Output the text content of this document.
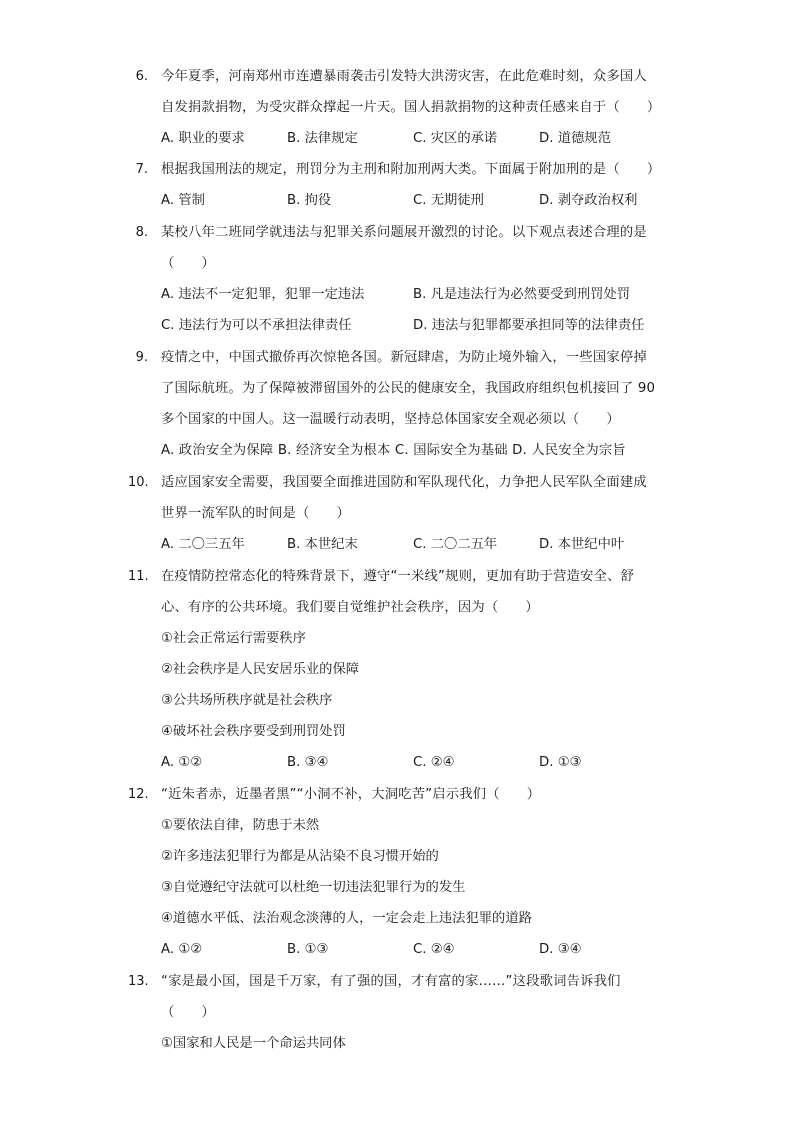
6. 今年夏季，河南郑州市连遭暴雨袭击引发特大洪涝灾害，在此危难时刻，众多国人
自发捐款捐物，为受灾群众撑起一片天。国人捐款捐物的这种责任感来自于（　　）
A. 职业的要求	B. 法律规定	C. 灾区的承诺	D. 道德规范
7. 根据我国刑法的规定，刑罚分为主刑和附加刑两大类。下面属于附加刑的是（　　）
A. 管制	B. 拘役	C. 无期徒刑	D. 剥夺政治权利
8. 某校八年二班同学就违法与犯罪关系问题展开激烈的讨论。以下观点表述合理的是
（　　）
A. 违法不一定犯罪，犯罪一定违法	B. 凡是违法行为必然要受到刑罚处罚
C. 违法行为可以不承担法律责任	D. 违法与犯罪都要承担同等的法律责任
9. 疫情之中，中国式撤侨再次惊艳各国。新冠肆虐，为防止境外输入，一些国家停掉
了国际航班。为了保障被滞留国外的公民的健康安全，我国政府组织包机接回了 90
多个国家的中国人。这一温暖行动表明，坚持总体国家安全观必须以（　　）
A. 政治安全为保障 B. 经济安全为根本 C. 国际安全为基础 D. 人民安全为宗旨
10. 适应国家安全需要，我国要全面推进国防和军队现代化，力争把人民军队全面建成
世界一流军队的时间是（　　）
A. 二〇三五年	B. 本世纪末	C. 二〇二五年	D. 本世纪中叶
11. 在疫情防控常态化的特殊背景下，遵守“一米线”规则，更加有助于营造安全、舒
心、有序的公共环境。我们要自觉维护社会秩序，因为（　　）
①社会正常运行需要秩序
②社会秩序是人民安居乐业的保障
③公共场所秩序就是社会秩序
④破坏社会秩序要受到刑罚处罚
A. ①②	B. ③④	C. ②④	D. ①③
12. “近朱者赤，近墨者黑”“小洞不补，大洞吃苦”启示我们（　　）
①要依法自律，防患于未然
②许多违法犯罪行为都是从沾染不良习惯开始的
③自觉遵纪守法就可以杜绝一切违法犯罪行为的发生
④道德水平低、法治观念淡薄的人，一定会走上违法犯罪的道路
A. ①②	B. ①③	C. ②④	D. ③④
13. “家是最小国，国是千万家，有了强的国，才有富的家……”这段歌词告诉我们
（　　）
①国家和人民是一个命运共同体
